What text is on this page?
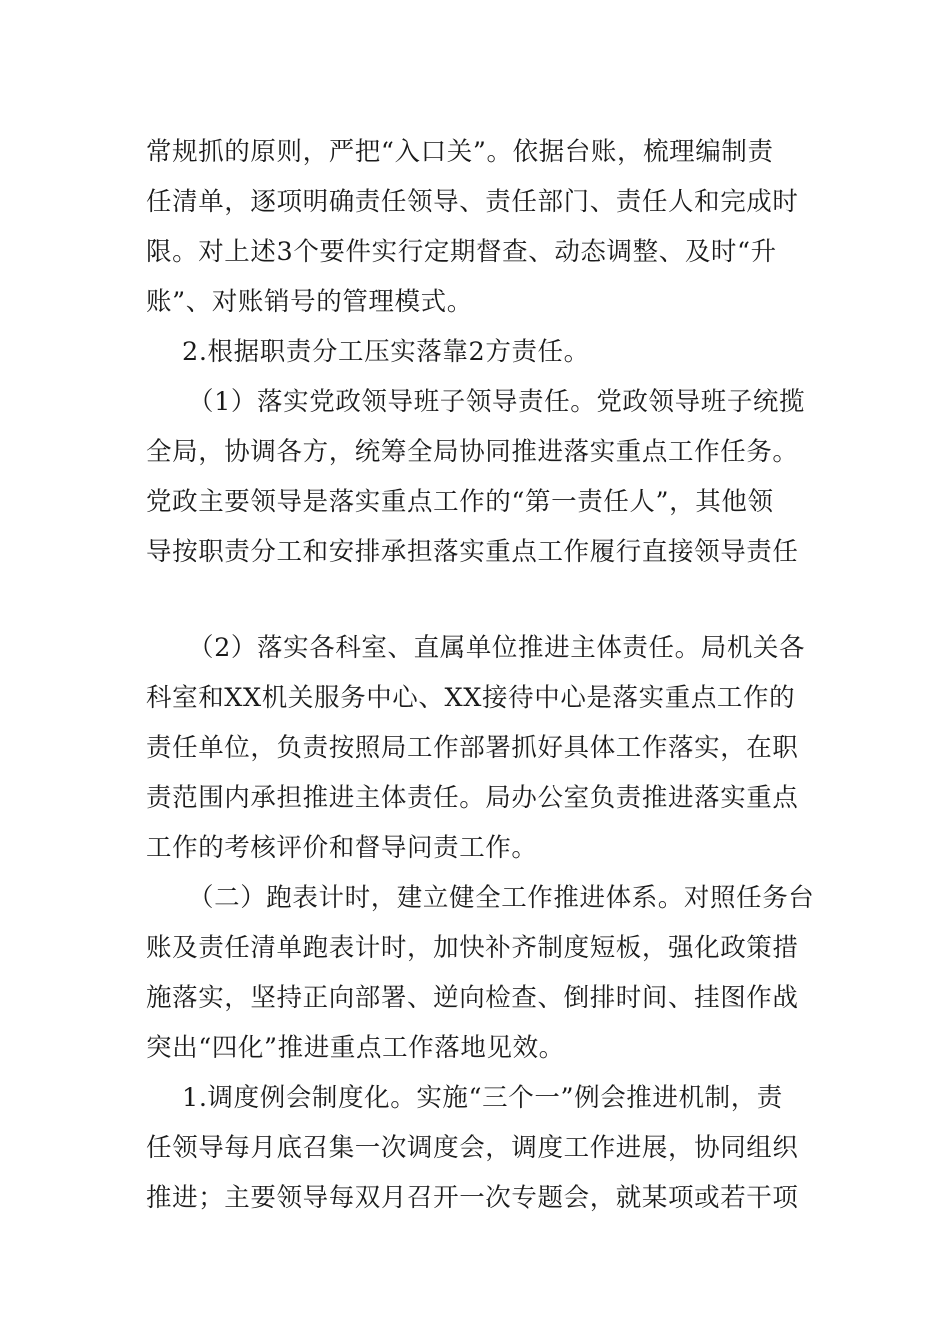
常规抓的原则，严把“入口关”。依据台账，梳理编制责
任清单，逐项明确责任领导、责任部门、责任人和完成时
限。对上述3个要件实行定期督查、动态调整、及时“升
账”、对账销号的管理模式。
2.根据职责分工压实落靠2方责任。
（1）落实党政领导班子领导责任。党政领导班子统揽
全局，协调各方，统筹全局协同推进落实重点工作任务。
党政主要领导是落实重点工作的“第一责任人”，其他领
导按职责分工和安排承担落实重点工作履行直接领导责任
（2）落实各科室、直属单位推进主体责任。局机关各
科室和XX机关服务中心、XX接待中心是落实重点工作的
责任单位，负责按照局工作部署抓好具体工作落实，在职
责范围内承担推进主体责任。局办公室负责推进落实重点
工作的考核评价和督导问责工作。
（二）跑表计时，建立健全工作推进体系。对照任务台
账及责任清单跑表计时，加快补齐制度短板，强化政策措
施落实，坚持正向部署、逆向检查、倒排时间、挂图作战
突出“四化”推进重点工作落地见效。
1.调度例会制度化。实施“三个一”例会推进机制，责
任领导每月底召集一次调度会，调度工作进展，协同组织
推进；主要领导每双月召开一次专题会，就某项或若干项
